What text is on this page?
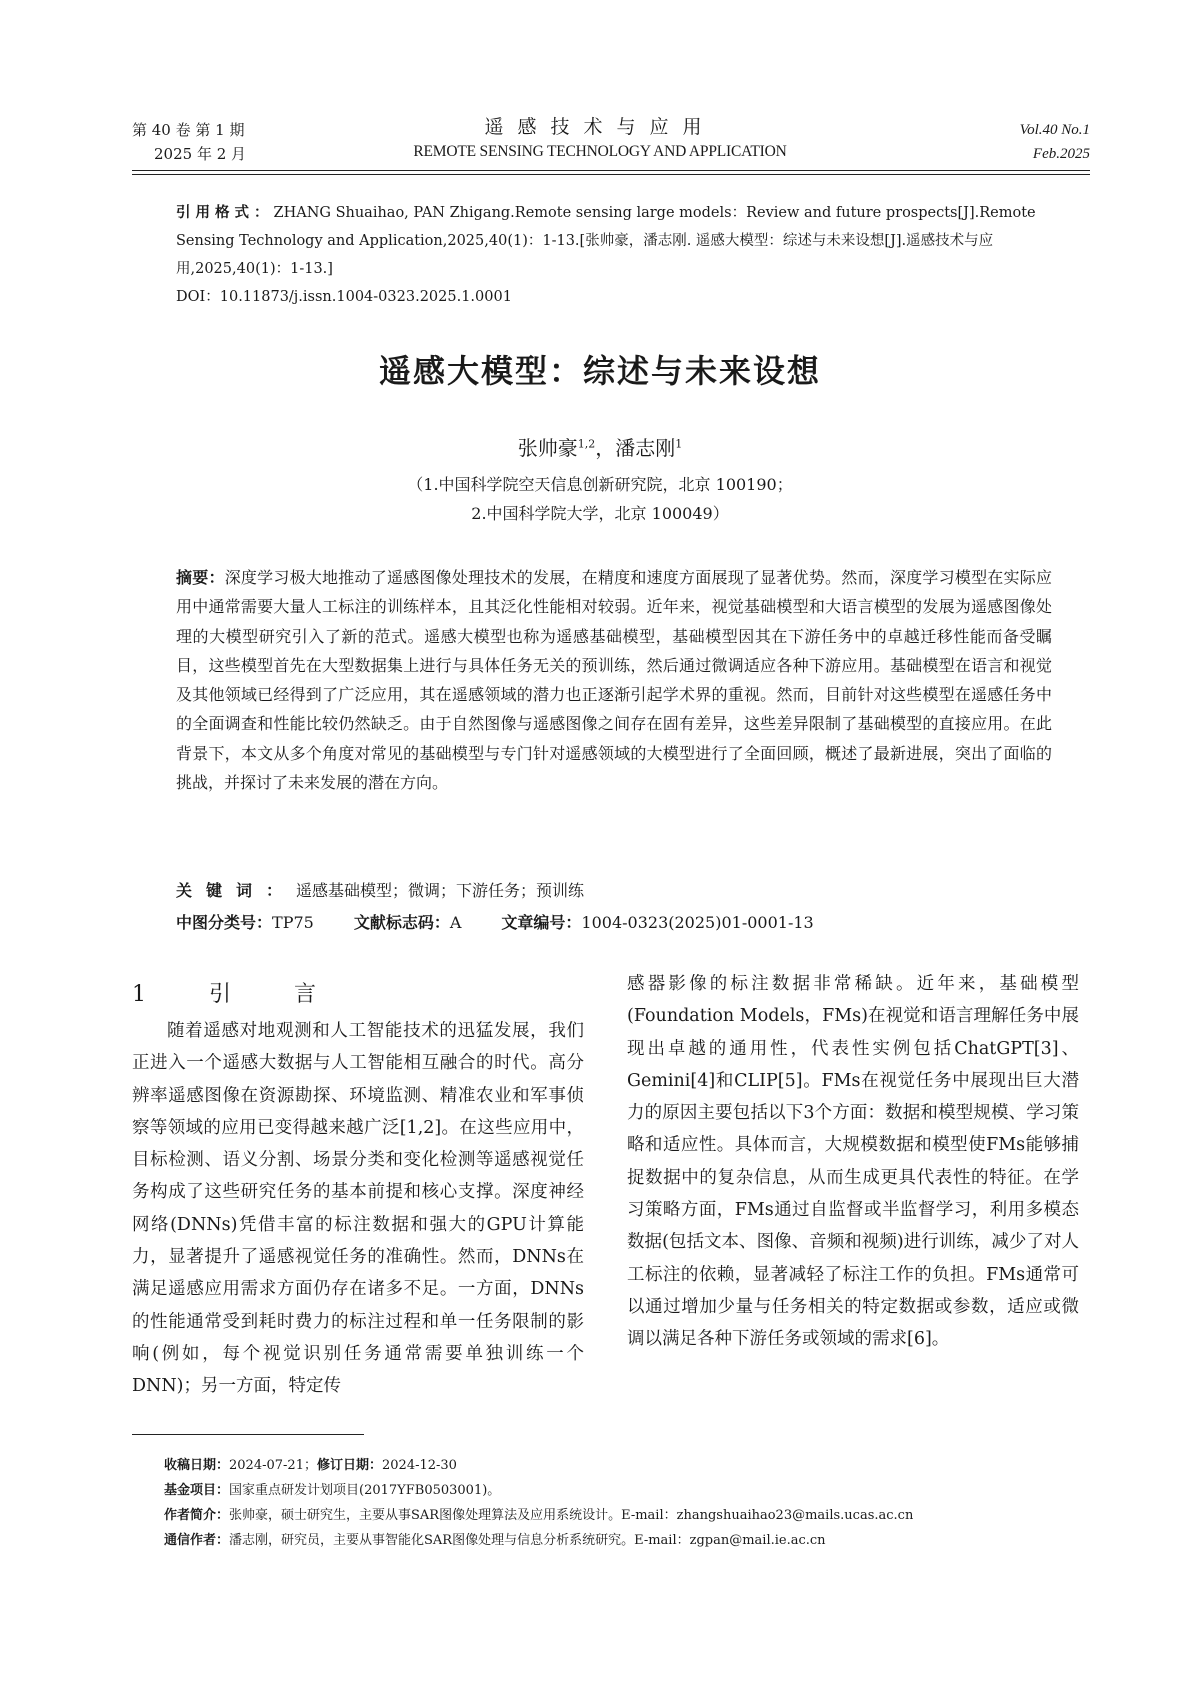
第 40 卷 第 1 期
2025 年 2 月
遥感技术与应用
REMOTE SENSING TECHNOLOGY AND APPLICATION
Vol.40 No.1
Feb.2025

引用格式：ZHANG Shuaihao, PAN Zhigang.Remote sensing large models：Review and future prospects[J].Remote Sensing Technology and Application,2025,40(1)：1-13.[张帅豪，潘志刚. 遥感大模型：综述与未来设想[J].遥感技术与应用,2025,40(1)：1-13.]

DOI：10.11873/j.issn.1004-0323.2025.1.0001

遥感大模型：综述与未来设想
张帅豪$^{1,2}$，潘志刚$^1$
（1.中国科学院空天信息创新研究院，北京 100190；
2.中国科学院大学，北京 100049）
摘要：深度学习极大地推动了遥感图像处理技术的发展，在精度和速度方面展现了显著优势。然而，深度学习模型在实际应用中通常需要大量人工标注的训练样本，且其泛化性能相对较弱。近年来，视觉基础模型和大语言模型的发展为遥感图像处理的大模型研究引入了新的范式。遥感大模型也称为遥感基础模型，基础模型因其在下游任务中的卓越迁移性能而备受瞩目，这些模型首先在大型数据集上进行与具体任务无关的预训练，然后通过微调适应各种下游应用。基础模型在语言和视觉及其他领域已经得到了广泛应用，其在遥感领域的潜力也正逐渐引起学术界的重视。然而，目前针对这些模型在遥感任务中的全面调查和性能比较仍然缺乏。由于自然图像与遥感图像之间存在固有差异，这些差异限制了基础模型的直接应用。在此背景下，本文从多个角度对常见的基础模型与专门针对遥感领域的大模型进行了全面回顾，概述了最新进展，突出了面临的挑战，并探讨了未来发展的潜在方向。
关键词：遥感基础模型；微调；下游任务；预训练
中图分类号：TP75	文献标志码：A	文章编号：1004-0323(2025)01-0001-13
1 引 言

随着遥感对地观测和人工智能技术的迅猛发展，我们正进入一个遥感大数据与人工智能相互融合的时代。高分辨率遥感图像在资源勘探、环境监测、精准农业和军事侦察等领域的应用已变得越来越广泛[1,2]。在这些应用中，目标检测、语义分割、场景分类和变化检测等遥感视觉任务构成了这些研究任务的基本前提和核心支撑。深度神经网络(DNNs)凭借丰富的标注数据和强大的GPU计算能力，显著提升了遥感视觉任务的准确性。然而，DNNs在满足遥感应用需求方面仍存在诸多不足。一方面，DNNs的性能通常受到耗时费力的标注过程和单一任务限制的影响(例如，每个视觉识别任务通常需要单独训练一个DNN)；另一方面，特定传

感器影像的标注数据非常稀缺。近年来，基础模型(Foundation Models，FMs)在视觉和语言理解任务中展现出卓越的通用性，代表性实例包括ChatGPT[3]、Gemini[4]和CLIP[5]。FMs在视觉任务中展现出巨大潜力的原因主要包括以下3个方面：数据和模型规模、学习策略和适应性。具体而言，大规模数据和模型使FMs能够捕捉数据中的复杂信息，从而生成更具代表性的特征。在学习策略方面，FMs通过自监督或半监督学习，利用多模态数据(包括文本、图像、音频和视频)进行训练，减少了对人工标注的依赖，显著减轻了标注工作的负担。FMs通常可以通过增加少量与任务相关的特定数据或参数，适应或微调以满足各种下游任务或领域的需求[6]。

收稿日期：2024-07-21；修订日期：2024-12-30

基金项目：国家重点研发计划项目(2017YFB0503001)。

作者简介：张帅豪，硕士研究生，主要从事SAR图像处理算法及应用系统设计。E-mail：zhangshuaihao23@mails.ucas.ac.cn

通信作者：潘志刚，研究员，主要从事智能化SAR图像处理与信息分析系统研究。E-mail：zgpan@mail.ie.ac.cn
